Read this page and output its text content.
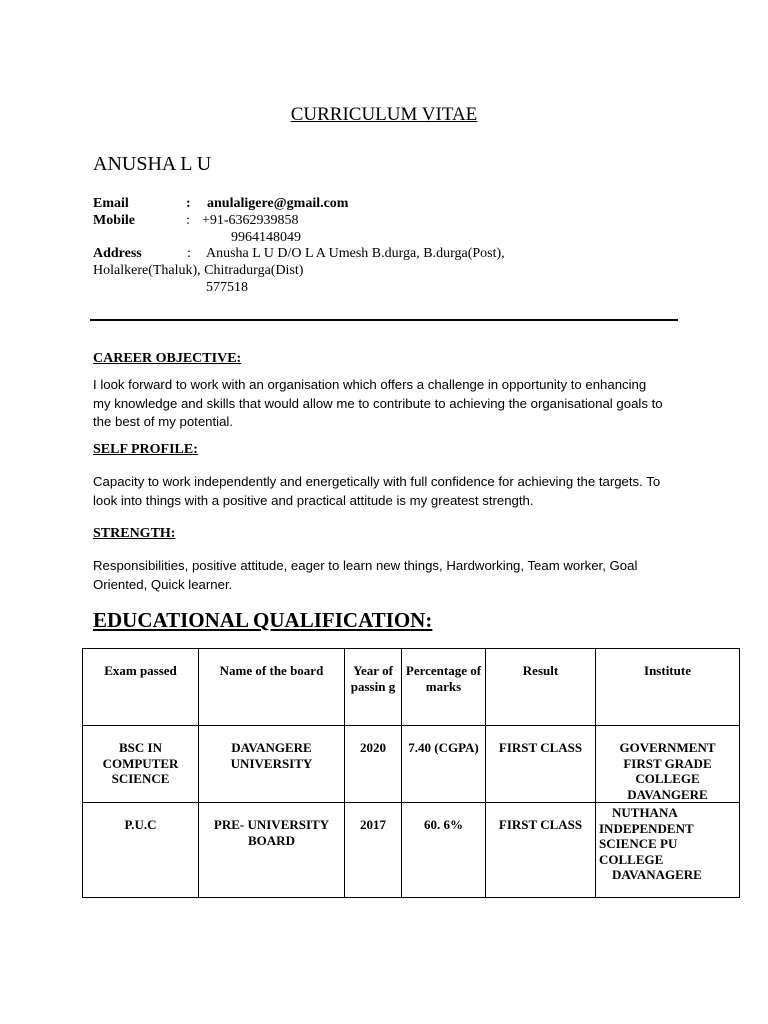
CURRICULUM VITAE
ANUSHA L U
Email	: anulaligere@gmail.com
Mobile	: +91-6362939858
9964148049
Address	: Anusha L U D/O L A Umesh B.durga, B.durga(Post),
Holalkere(Thaluk), Chitradurga(Dist)
577518
CAREER OBJECTIVE:
I look forward to work with an organisation which offers a challenge in opportunity to enhancing my knowledge and skills that would allow me to contribute to achieving the organisational goals to the best of my potential.
SELF PROFILE:
Capacity to work independently and energetically with full confidence for achieving the targets. To look into things with a positive and practical attitude is my greatest strength.
STRENGTH:
Responsibilities, positive attitude, eager to learn new things, Hardworking, Team worker, Goal Oriented, Quick learner.
EDUCATIONAL QUALIFICATION:
Exam passed	Name of the board	Year of passin g	Percentage of marks	Result	Institute
BSC IN COMPUTER SCIENCE	DAVANGERE UNIVERSITY	2020	7.40 (CGPA)	FIRST CLASS	GOVERNMENT FIRST GRADE COLLEGE DAVANGERE
P.U.C	PRE- UNIVERSITY BOARD	2017	60. 6%	FIRST CLASS	NUTHANA
INDEPENDENT
SCIENCE PU
COLLEGE
DAVANAGERE
